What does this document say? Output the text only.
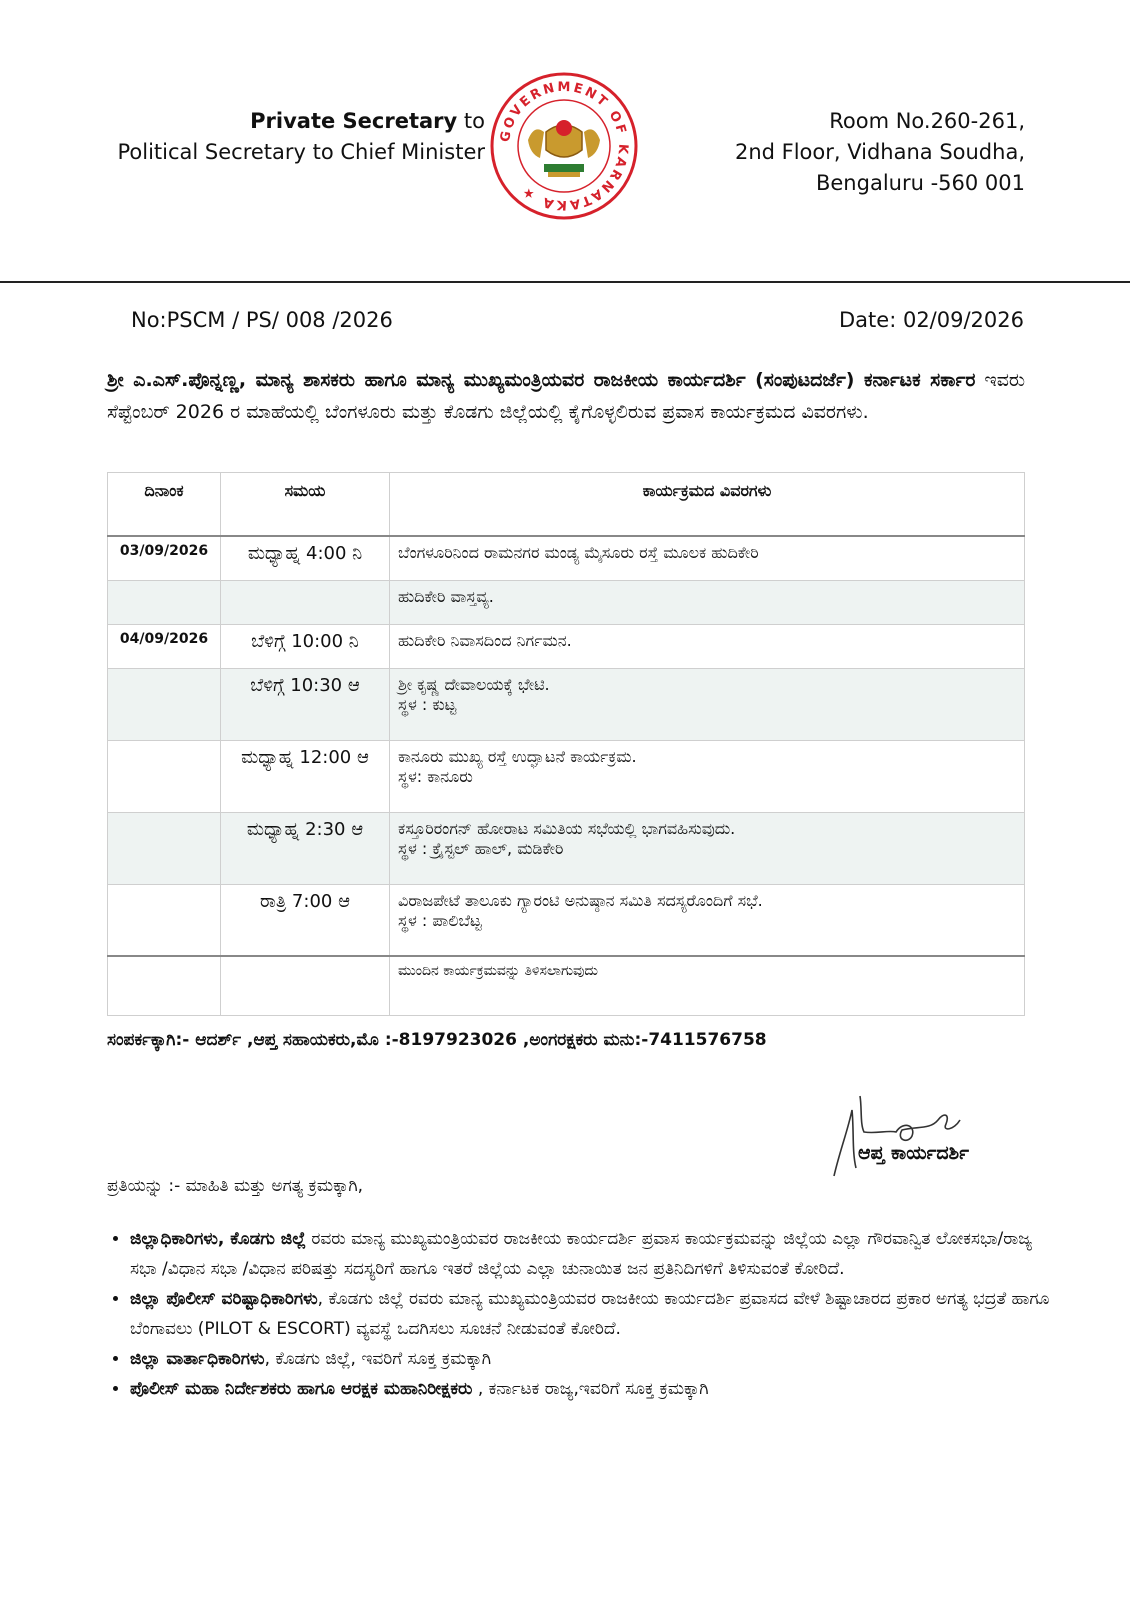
Private Secretary to
Political Secretary to Chief Minister
GOVERNMENT OF KARNATAKA ★
Room No.260-261,
2nd Floor, Vidhana Soudha,
Bengaluru -560 001
No:PSCM / PS/ 008 /2026	Date: 02/09/2026
ಶ್ರೀ ಎ.ಎಸ್.ಪೊನ್ನಣ್ಣ, ಮಾನ್ಯ ಶಾಸಕರು ಹಾಗೂ ಮಾನ್ಯ ಮುಖ್ಯಮಂತ್ರಿಯವರ ರಾಜಕೀಯ ಕಾರ್ಯದರ್ಶಿ (ಸಂಪುಟದರ್ಜೆ) ಕರ್ನಾಟಕ ಸರ್ಕಾರ ಇವರು ಸೆಪ್ಟೆಂಬರ್ 2026 ರ ಮಾಹೆಯಲ್ಲಿ ಬೆಂಗಳೂರು ಮತ್ತು ಕೊಡಗು ಜಿಲ್ಲೆಯಲ್ಲಿ ಕೈಗೊಳ್ಳಲಿರುವ ಪ್ರವಾಸ ಕಾರ್ಯಕ್ರಮದ ವಿವರಗಳು.
ದಿನಾಂಕ	ಸಮಯ	ಕಾರ್ಯಕ್ರಮದ ವಿವರಗಳು
03/09/2026	ಮಧ್ಯಾಹ್ನ 4:00 ನಿ	ಬೆಂಗಳೂರಿನಿಂದ ರಾಮನಗರ ಮಂಡ್ಯ ಮೈಸೂರು ರಸ್ತೆ ಮೂಲಕ ಹುದಿಕೇರಿ

		ಹುದಿಕೇರಿ ವಾಸ್ತವ್ಯ.

04/09/2026	ಬೆಳಿಗ್ಗೆ 10:00 ನಿ	ಹುದಿಕೇರಿ ನಿವಾಸದಿಂದ ನಿರ್ಗಮನ.

	ಬೆಳಿಗ್ಗೆ 10:30 ಆ	ಶ್ರೀ ಕೃಷ್ಣ ದೇವಾಲಯಕ್ಕೆ ಭೇಟಿ.
ಸ್ಥಳ : ಕುಟ್ಟ

	ಮಧ್ಯಾಹ್ನ 12:00 ಆ	ಕಾನೂರು ಮುಖ್ಯ ರಸ್ತೆ ಉದ್ಘಾಟನೆ ಕಾರ್ಯಕ್ರಮ.
ಸ್ಥಳ: ಕಾನೂರು

	ಮಧ್ಯಾಹ್ನ 2:30 ಆ	ಕಸ್ತೂರಿರಂಗನ್ ಹೋರಾಟ ಸಮಿತಿಯ ಸಭೆಯಲ್ಲಿ ಭಾಗವಹಿಸುವುದು.
ಸ್ಥಳ : ಕ್ರೈಸ್ಟಲ್ ಹಾಲ್, ಮಡಿಕೇರಿ

	ರಾತ್ರಿ 7:00 ಆ	ವಿರಾಜಪೇಟೆ ತಾಲೂಕು ಗ್ಯಾರಂಟಿ ಅನುಷ್ಠಾನ ಸಮಿತಿ ಸದಸ್ಯರೊಂದಿಗೆ ಸಭೆ.
ಸ್ಥಳ : ಪಾಲಿಬೆಟ್ಟ

		ಮುಂದಿನ ಕಾರ್ಯಕ್ರಮವನ್ನು ತಿಳಿಸಲಾಗುವುದು
ಸಂಪರ್ಕಕ್ಕಾಗಿ:- ಆದರ್ಶ್ ,ಆಪ್ತ ಸಹಾಯಕರು,ಮೊ :-8197923026 ,ಅಂಗರಕ್ಷಕರು ಮನು:-7411576758
ಆಪ್ತ ಕಾರ್ಯದರ್ಶಿ
ಪ್ರತಿಯನ್ನು :- ಮಾಹಿತಿ ಮತ್ತು ಅಗತ್ಯ ಕ್ರಮಕ್ಕಾಗಿ,
• ಜಿಲ್ಲಾಧಿಕಾರಿಗಳು, ಕೊಡಗು ಜಿಲ್ಲೆ ರವರು ಮಾನ್ಯ ಮುಖ್ಯಮಂತ್ರಿಯವರ ರಾಜಕೀಯ ಕಾರ್ಯದರ್ಶಿ ಪ್ರವಾಸ ಕಾರ್ಯಕ್ರಮವನ್ನು ಜಿಲ್ಲೆಯ ಎಲ್ಲಾ ಗೌರವಾನ್ವಿತ ಲೋಕಸಭಾ/ರಾಜ್ಯ ಸಭಾ /ವಿಧಾನ ಸಭಾ /ವಿಧಾನ ಪರಿಷತ್ತು ಸದಸ್ಯರಿಗೆ ಹಾಗೂ ಇತರೆ ಜಿಲ್ಲೆಯ ಎಲ್ಲಾ ಚುನಾಯಿತ ಜನ ಪ್ರತಿನಿದಿಗಳಿಗೆ ತಿಳಿಸುವಂತೆ ಕೋರಿದೆ.
• ಜಿಲ್ಲಾ ಪೊಲೀಸ್ ವರಿಷ್ಟಾಧಿಕಾರಿಗಳು, ಕೊಡಗು ಜಿಲ್ಲೆ ರವರು ಮಾನ್ಯ ಮುಖ್ಯಮಂತ್ರಿಯವರ ರಾಜಕೀಯ ಕಾರ್ಯದರ್ಶಿ ಪ್ರವಾಸದ ವೇಳೆ ಶಿಷ್ಟಾಚಾರದ ಪ್ರಕಾರ ಅಗತ್ಯ ಭದ್ರತೆ ಹಾಗೂ ಬೆಂಗಾವಲು (PILOT & ESCORT) ವ್ಯವಸ್ಥೆ ಒದಗಿಸಲು ಸೂಚನೆ ನೀಡುವಂತೆ ಕೋರಿದೆ.
• ಜಿಲ್ಲಾ ವಾರ್ತಾಧಿಕಾರಿಗಳು, ಕೊಡಗು ಜಿಲ್ಲೆ, ಇವರಿಗೆ ಸೂಕ್ತ ಕ್ರಮಕ್ಕಾಗಿ
• ಪೊಲೀಸ್ ಮಹಾ ನಿರ್ದೇಶಕರು ಹಾಗೂ ಆರಕ್ಷಕ ಮಹಾನಿರೀಕ್ಷಕರು , ಕರ್ನಾಟಕ ರಾಜ್ಯ,ಇವರಿಗೆ ಸೂಕ್ತ ಕ್ರಮಕ್ಕಾಗಿ
